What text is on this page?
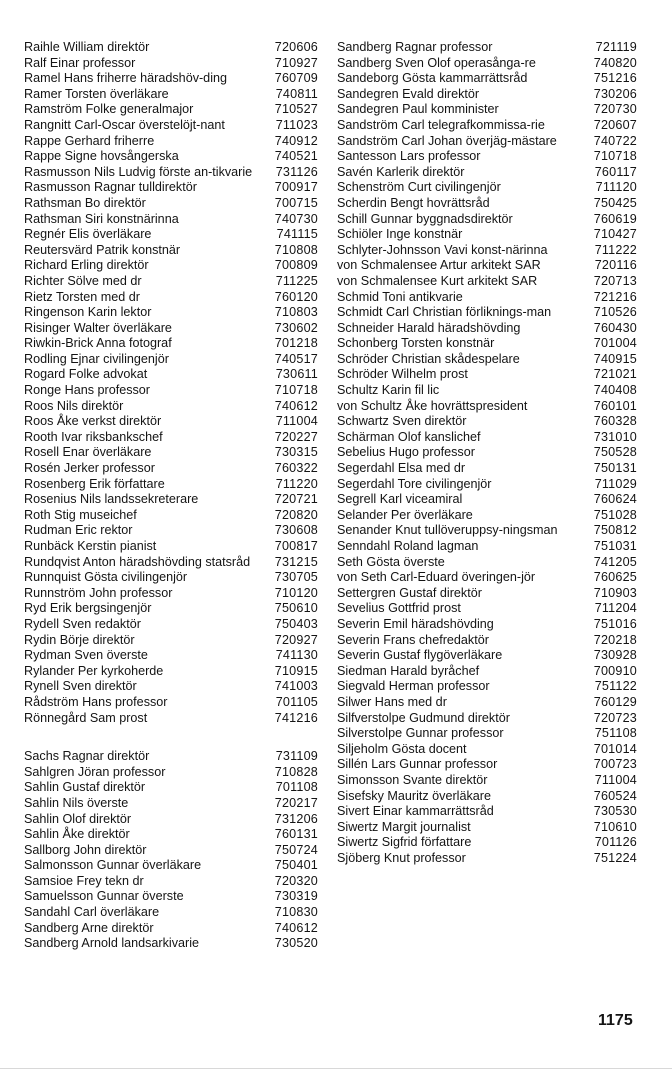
Raihle William direktör	720606
Ralf Einar professor	710927
Ramel Hans friherre häradshöv-ding	760709
Ramer Torsten överläkare	740811
Ramström Folke generalmajor	710527
Rangnitt Carl-Oscar överstelöjt-nant	711023
Rappe Gerhard friherre	740912
Rappe Signe hovsångerska	740521
Rasmusson Nils Ludvig förste an-tikvarie	731126
Rasmusson Ragnar tulldirektör	700917
Rathsman Bo direktör	700715
Rathsman Siri konstnärinna	740730
Regnér Elis överläkare	741115
Reutersvärd Patrik konstnär	710808
Richard Erling direktör	700809
Richter Sölve med dr	711225
Rietz Torsten med dr	760120
Ringenson Karin lektor	710803
Risinger Walter överläkare	730602
Riwkin-Brick Anna fotograf	701218
Rodling Ejnar civilingenjör	740517
Rogard Folke advokat	730611
Ronge Hans professor	710718
Roos Nils direktör	740612
Roos Åke verkst direktör	711004
Rooth Ivar riksbankschef	720227
Rosell Enar överläkare	730315
Rosén Jerker professor	760322
Rosenberg Erik författare	711220
Rosenius Nils landssekreterare	720721
Roth Stig museichef	720820
Rudman Eric rektor	730608
Runbäck Kerstin pianist	700817
Rundqvist Anton häradshövding statsråd	731215
Runnquist Gösta civilingenjör	730705
Runnström John professor	710120
Ryd Erik bergsingenjör	750610
Rydell Sven redaktör	750403
Rydin Börje direktör	720927
Rydman Sven överste	741130
Rylander Per kyrkoherde	710915
Rynell Sven direktör	741003
Rådström Hans professor	701105
Rönnegård Sam prost	741216
Sachs Ragnar direktör	731109
Sahlgren Jöran professor	710828
Sahlin Gustaf direktör	701108
Sahlin Nils överste	720217
Sahlin Olof direktör	731206
Sahlin Åke direktör	760131
Sallborg John direktör	750724
Salmonsson Gunnar överläkare	750401
Samsioe Frey tekn dr	720320
Samuelsson Gunnar överste	730319
Sandahl Carl överläkare	710830
Sandberg Arne direktör	740612
Sandberg Arnold landsarkivarie	730520
Sandberg Ragnar professor	721119
Sandberg Sven Olof operasånga-re	740820
Sandeborg Gösta kammarrättsråd	751216
Sandegren Evald direktör	730206
Sandegren Paul komminister	720730
Sandström Carl telegrafkommissa-rie	720607
Sandström Carl Johan överjäg-mästare	740722
Santesson Lars professor	710718
Savén Karlerik direktör	760117
Schenström Curt civilingenjör	711120
Scherdin Bengt hovrättsråd	750425
Schill Gunnar byggnadsdirektör	760619
Schiöler Inge konstnär	710427
Schlyter-Johnsson Vavi konst-närinna	711222
von Schmalensee Artur arkitekt SAR	720116
von Schmalensee Kurt arkitekt SAR	720713
Schmid Toni antikvarie	721216
Schmidt Carl Christian förliknings-man	710526
Schneider Harald häradshövding	760430
Schonberg Torsten konstnär	701004
Schröder Christian skådespelare	740915
Schröder Wilhelm prost	721021
Schultz Karin fil lic	740408
von Schultz Åke hovrättspresident	760101
Schwartz Sven direktör	760328
Schärman Olof kanslichef	731010
Sebelius Hugo professor	750528
Segerdahl Elsa med dr	750131
Segerdahl Tore civilingenjör	711029
Segrell Karl viceamiral	760624
Selander Per överläkare	751028
Senander Knut tullöveruppsy-ningsman	750812
Senndahl Roland lagman	751031
Seth Gösta överste	741205
von Seth Carl-Eduard överingen-jör	760625
Settergren Gustaf direktör	710903
Sevelius Gottfrid prost	711204
Severin Emil häradshövding	751016
Severin Frans chefredaktör	720218
Severin Gustaf flygöverläkare	730928
Siedman Harald byråchef	700910
Siegvald Herman professor	751122
Silwer Hans med dr	760129
Silfverstolpe Gudmund direktör	720723
Silverstolpe Gunnar professor	751108
Siljeholm Gösta docent	701014
Sillén Lars Gunnar professor	700723
Simonsson Svante direktör	711004
Sisefsky Mauritz överläkare	760524
Sivert Einar kammarrättsråd	730530
Siwertz Margit journalist	710610
Siwertz Sigfrid författare	701126
Sjöberg Knut professor	751224
1175
